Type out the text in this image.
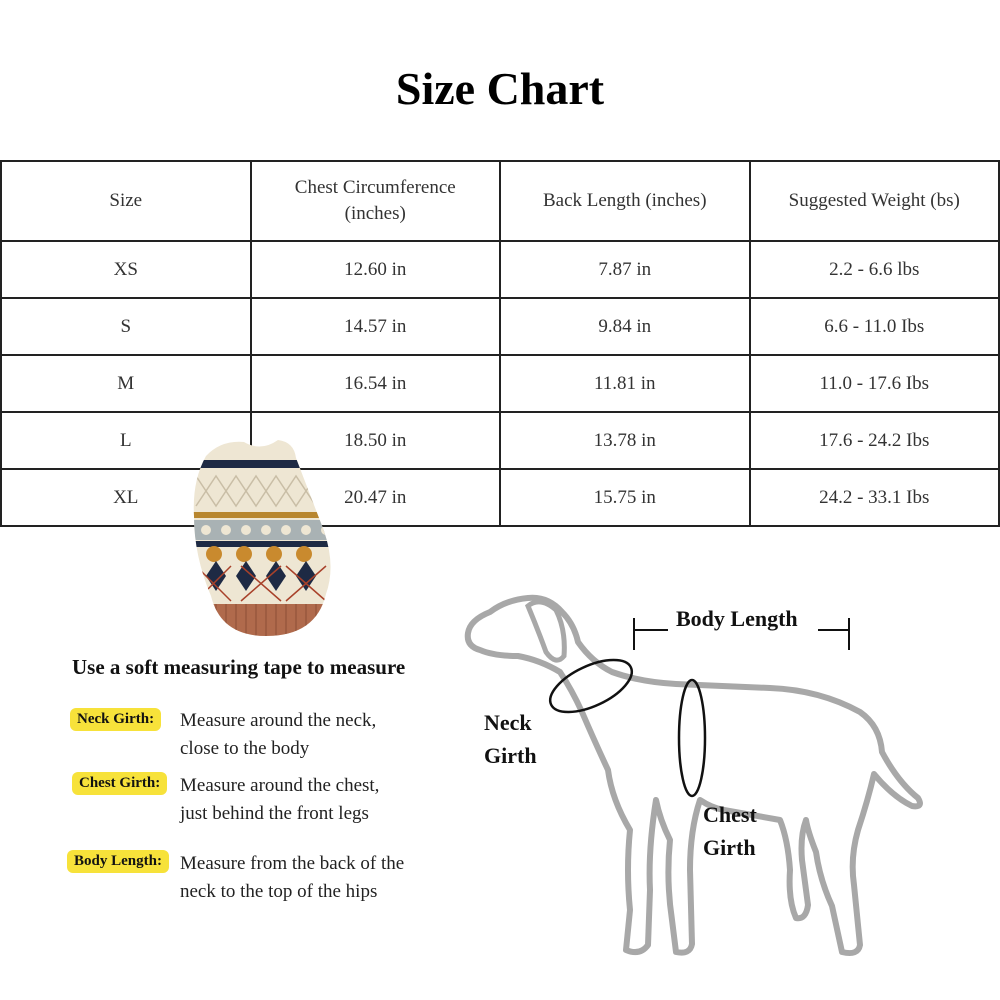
Size Chart
Size	Chest Circumference (inches)	Back Length (inches)	Suggested Weight (bs)
XS	12.60 in	7.87 in	2.2 - 6.6 lbs
S	14.57 in	9.84 in	6.6 - 11.0 Ibs
M	16.54 in	11.81 in	11.0 - 17.6 Ibs
L	18.50 in	13.78 in	17.6 - 24.2 Ibs
XL	20.47 in	15.75 in	24.2 - 33.1 Ibs
Use a soft measuring tape to measure
Neck Girth:	Measure around the neck,
close to the body
Chest Girth:	Measure around the chest,
just behind the front legs
Body Length: Measure from the back of the
neck to the top of the hips
Body Length
Neck
Girth
Chest
Girth
